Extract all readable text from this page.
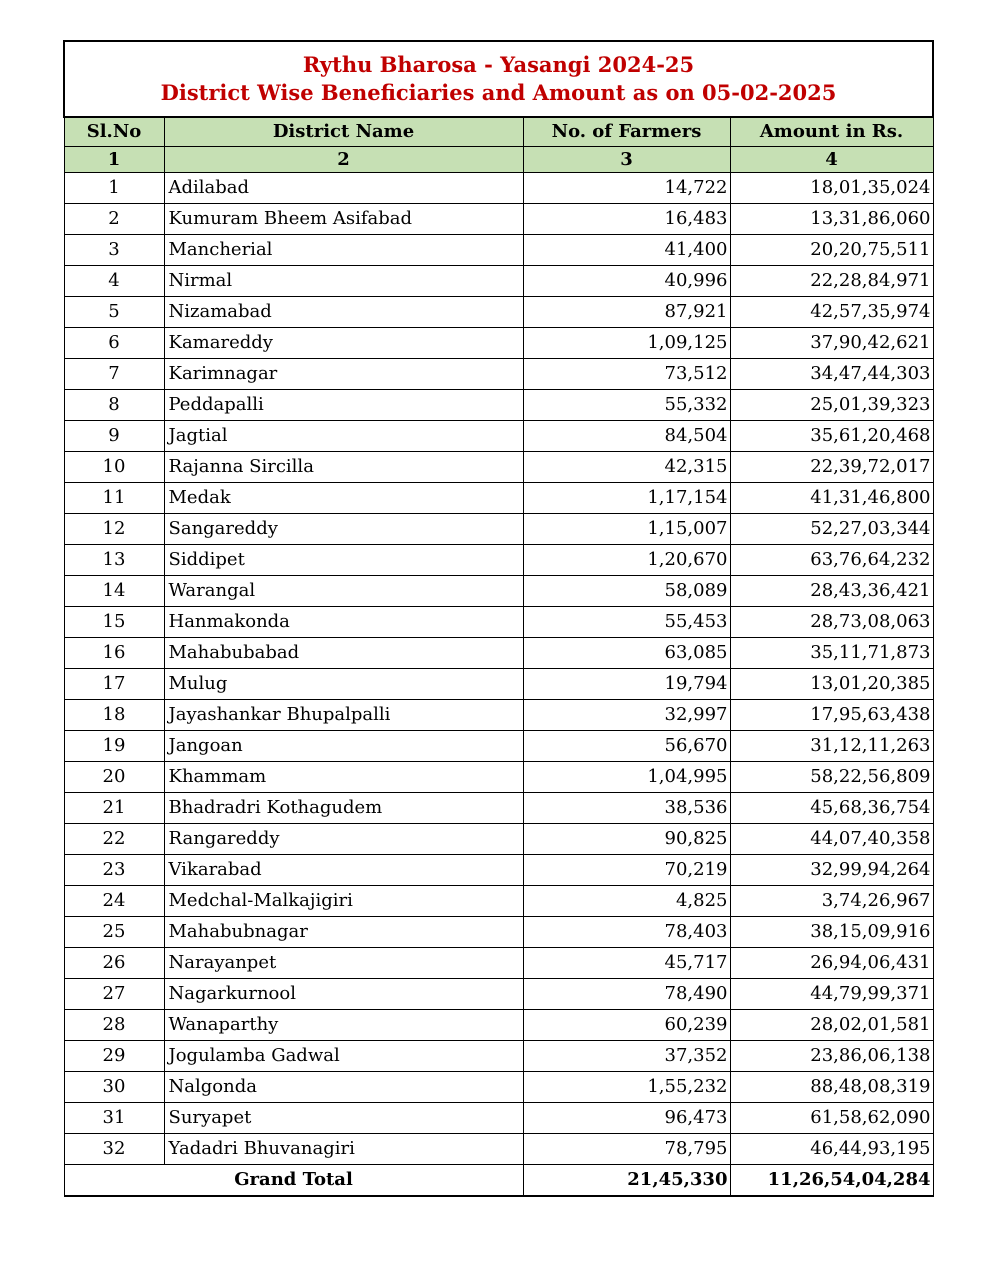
Rythu Bharosa - Yasangi 2024-25
District Wise Beneficiaries and Amount as on 05-02-2025			

Sl.No	District Name	No. of Farmers	Amount in Rs.
1	2	3	4
1	Adilabad	14,722	18,01,35,024
2	Kumuram Bheem Asifabad	16,483	13,31,86,060
3	Mancherial	41,400	20,20,75,511
4	Nirmal	40,996	22,28,84,971
5	Nizamabad	87,921	42,57,35,974
6	Kamareddy	1,09,125	37,90,42,621
7	Karimnagar	73,512	34,47,44,303
8	Peddapalli	55,332	25,01,39,323
9	Jagtial	84,504	35,61,20,468
10	Rajanna Sircilla	42,315	22,39,72,017
11	Medak	1,17,154	41,31,46,800
12	Sangareddy	1,15,007	52,27,03,344
13	Siddipet	1,20,670	63,76,64,232
14	Warangal	58,089	28,43,36,421
15	Hanmakonda	55,453	28,73,08,063
16	Mahabubabad	63,085	35,11,71,873
17	Mulug	19,794	13,01,20,385
18	Jayashankar Bhupalpalli	32,997	17,95,63,438
19	Jangoan	56,670	31,12,11,263
20	Khammam	1,04,995	58,22,56,809
21	Bhadradri Kothagudem	38,536	45,68,36,754
22	Rangareddy	90,825	44,07,40,358
23	Vikarabad	70,219	32,99,94,264
24	Medchal-Malkajigiri	4,825	3,74,26,967
25	Mahabubnagar	78,403	38,15,09,916
26	Narayanpet	45,717	26,94,06,431
27	Nagarkurnool	78,490	44,79,99,371
28	Wanaparthy	60,239	28,02,01,581
29	Jogulamba Gadwal	37,352	23,86,06,138
30	Nalgonda	1,55,232	88,48,08,319
31	Suryapet	96,473	61,58,62,090
32	Yadadri Bhuvanagiri	78,795	46,44,93,195
Grand Total		21,45,330	11,26,54,04,284
